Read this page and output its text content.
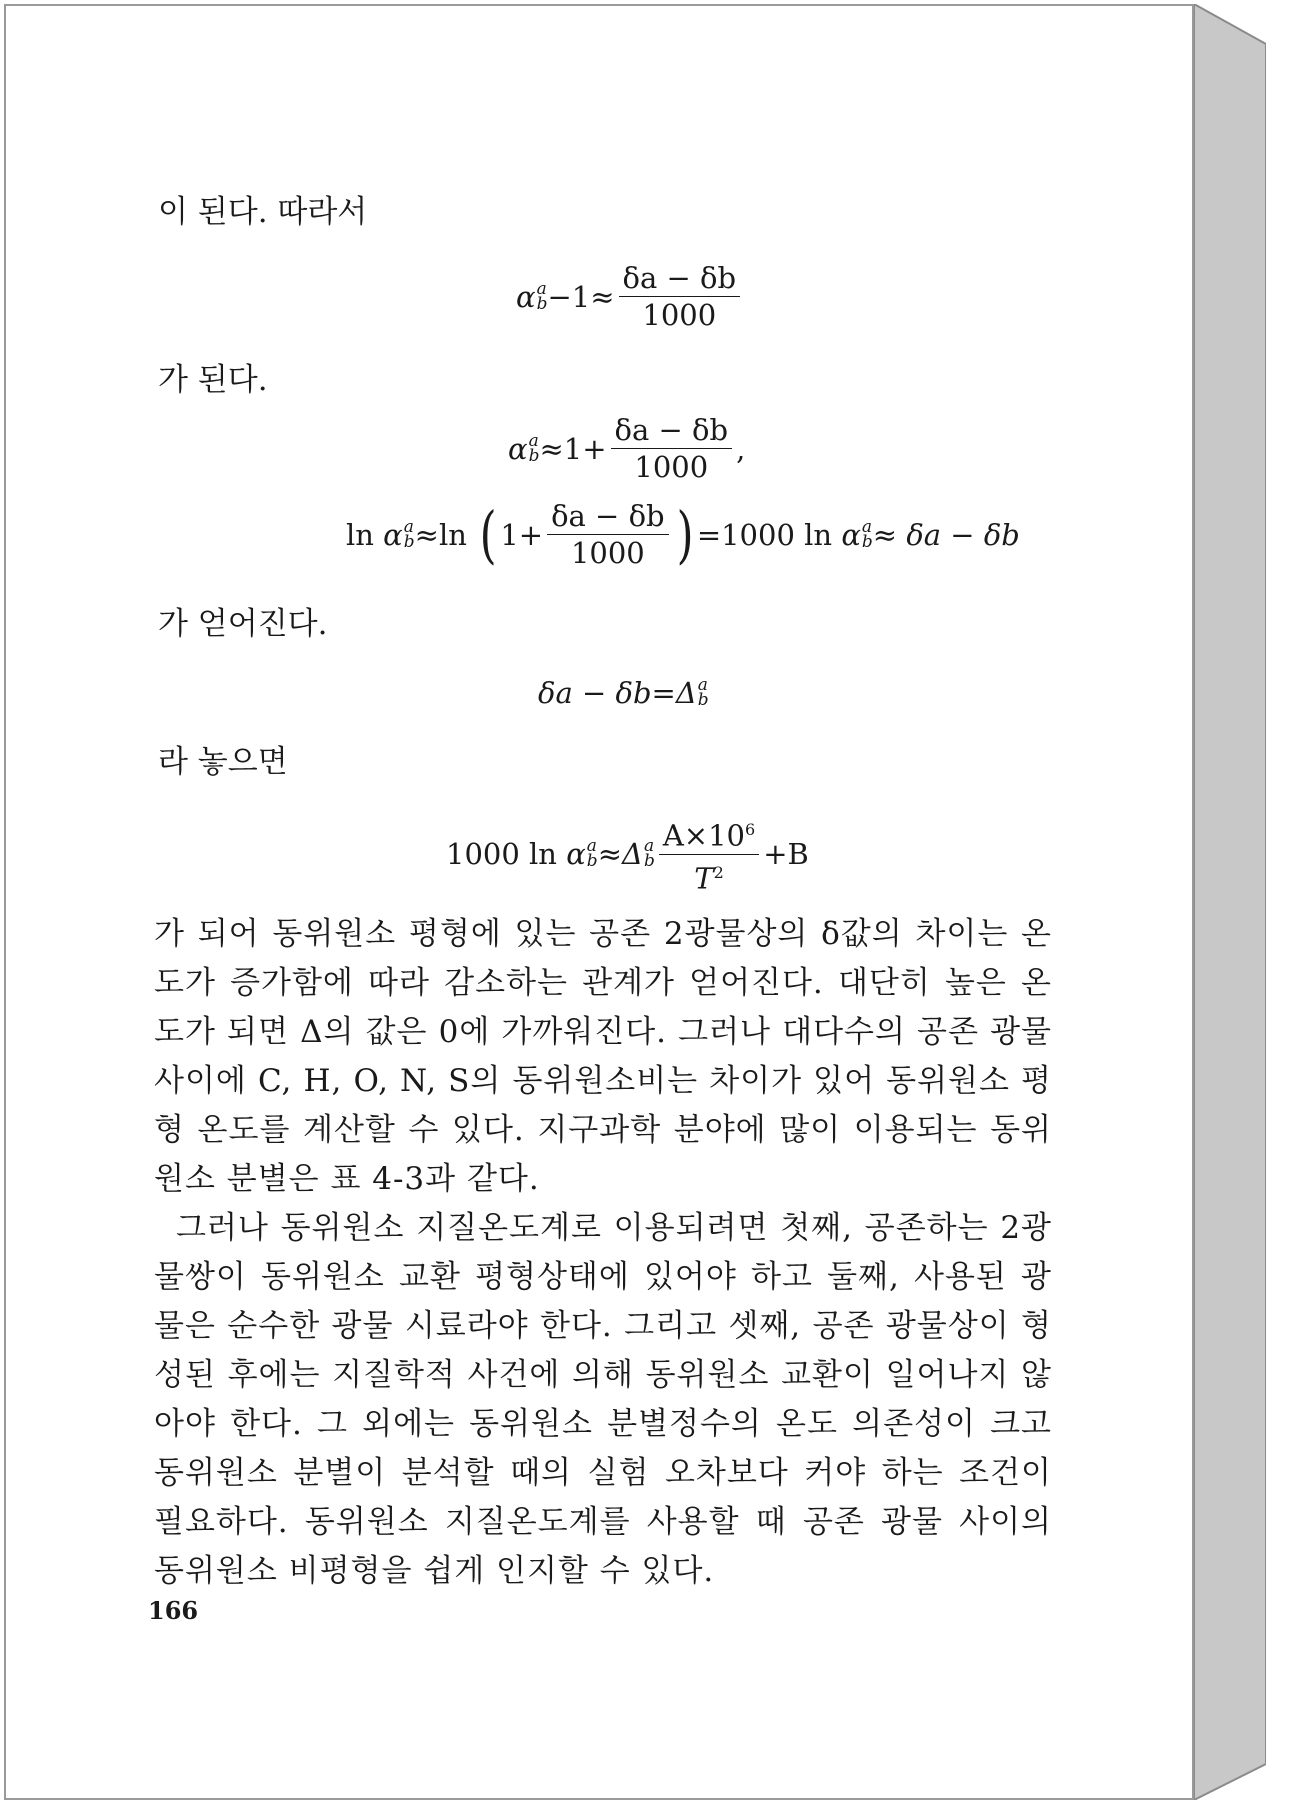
이 된다. 따라서
α a
$b -1\approx \frac{\delta a - \delta b}{1000}$
가 된다.
α a
$b \approx 1+ \frac{\delta a - \delta b}{1000}$ ,
ln
α a
b ≈ln
( $1+ \frac{\delta a - \delta b}{1000}$ ) =1000 ln
α a
b ≈
δa
−
δb
가 얻어진다.
δa
−
δb = Δ a
b
라 놓으면
1000 ln
α a
b ≈ Δ a
b $\frac{A\times 10^6}{T^2} +B$

가 되어 동위원소 평형에 있는 공존 2광물상의 δ값의 차이는 온도가 증가함에 따라 감소하는 관계가 얻어진다. 대단히 높은 온도가 되면 Δ의 값은 0에 가까워진다. 그러나 대다수의 공존 광물 사이에 C, H, O, N, S의 동위원소비는 차이가 있어 동위원소 평형 온도를 계산할 수 있다. 지구과학 분야에 많이 이용되는 동위원소 분별은 표 4-3과 같다.

그러나 동위원소 지질온도계로 이용되려면 첫째, 공존하는 2광물쌍이 동위원소 교환 평형상태에 있어야 하고 둘째, 사용된 광물은 순수한 광물 시료라야 한다. 그리고 셋째, 공존 광물상이 형성된 후에는 지질학적 사건에 의해 동위원소 교환이 일어나지 않아야 한다. 그 외에는 동위원소 분별정수의 온도 의존성이 크고 동위원소 분별이 분석할 때의 실험 오차보다 커야 하는 조건이 필요하다. 동위원소 지질온도계를 사용할 때 공존 광물 사이의 동위원소 비평형을 쉽게 인지할 수 있다.

166
